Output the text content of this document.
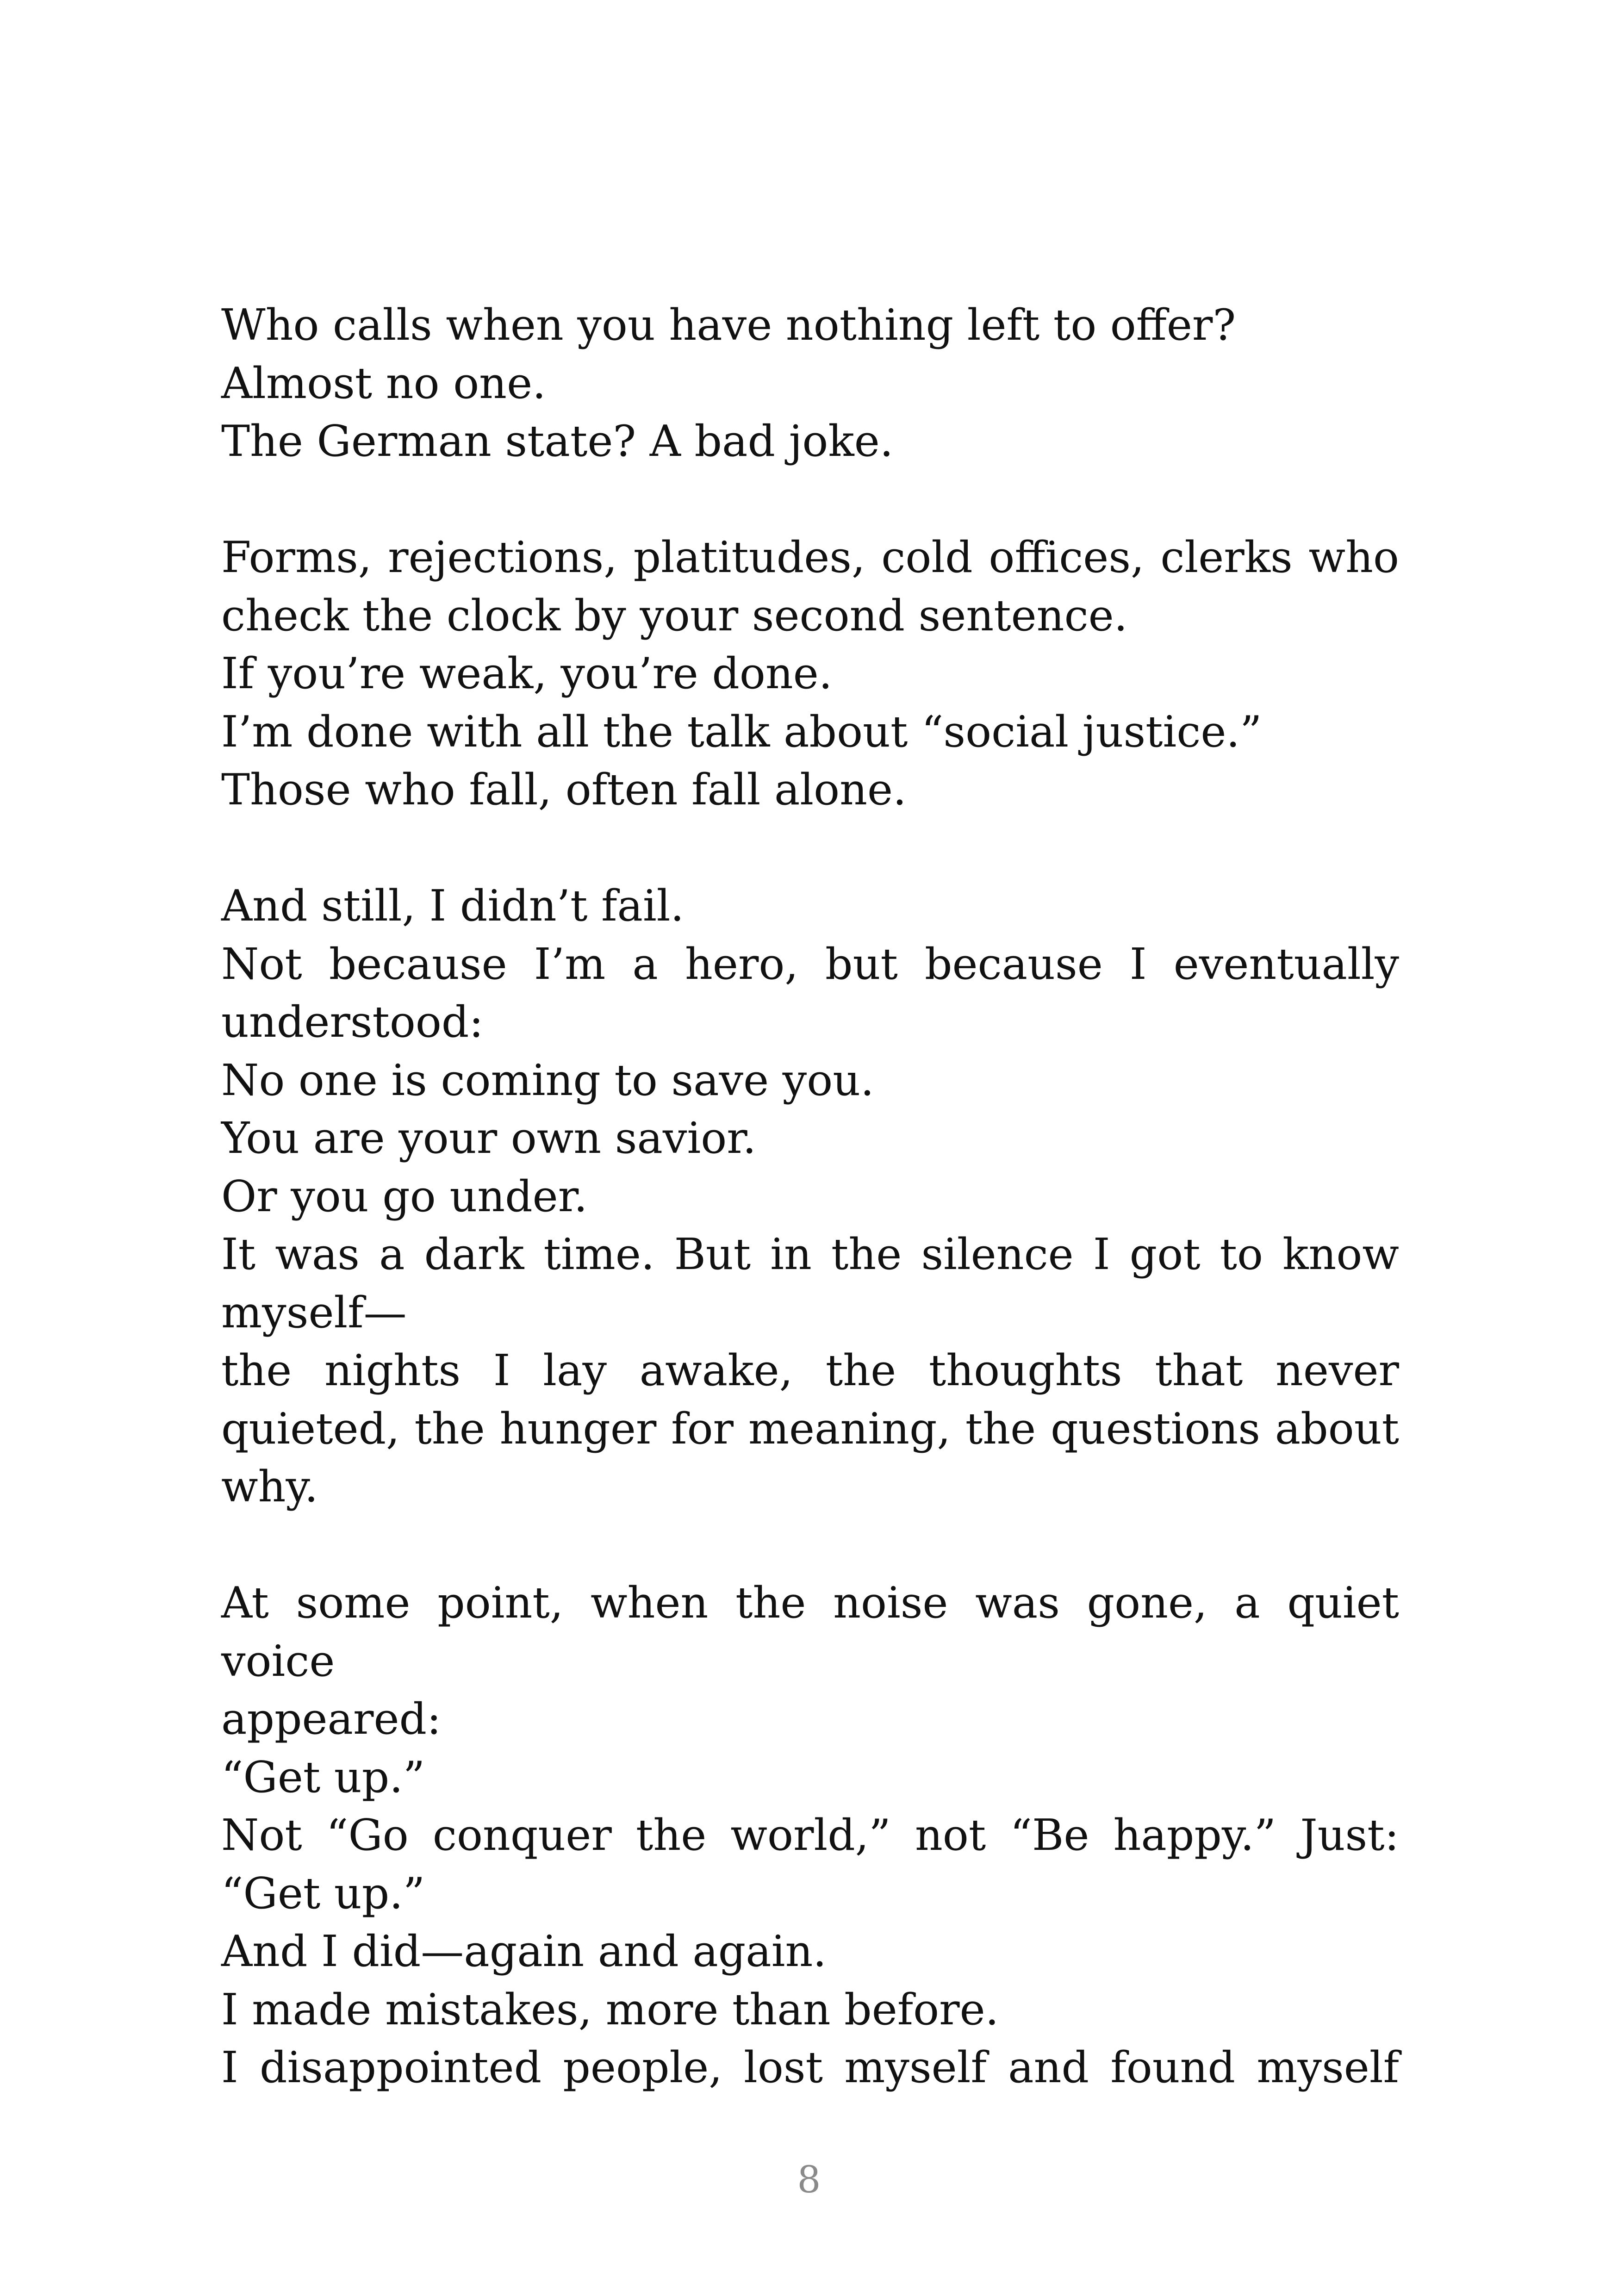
Who calls when you have nothing left to offer?
Almost no one.
The German state? A bad joke.
Forms, rejections, platitudes, cold offices, clerks who
check the clock by your second sentence.
If you’re weak, you’re done.
I’m done with all the talk about “social justice.”
Those who fall, often fall alone.
And still, I didn’t fail.
Not because I’m a hero, but because I eventually
understood:
No one is coming to save you.
You are your own savior.
Or you go under.
It was a dark time. But in the silence I got to know
myself—
the nights I lay awake, the thoughts that never
quieted, the hunger for meaning, the questions about
why.
At some point, when the noise was gone, a quiet voice
appeared:
“Get up.”
Not “Go conquer the world,” not “Be happy.” Just:
“Get up.”
And I did—again and again.
I made mistakes, more than before.
I disappointed people, lost myself and found myself
8
